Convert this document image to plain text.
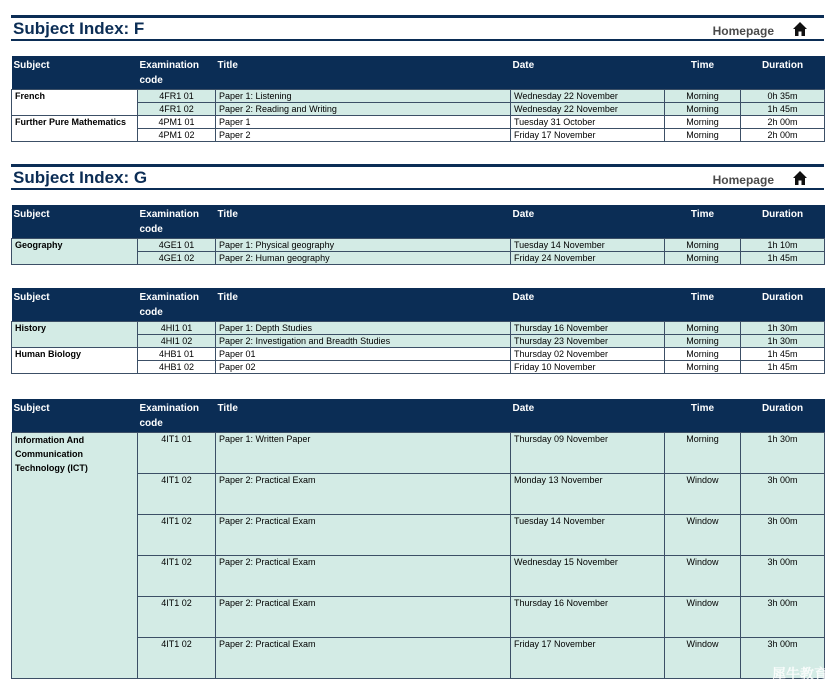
Subject Index: F	Homepage
Subject	Examination code	Title	Date	Time	Duration
French	4FR1 01	Paper 1: Listening	Wednesday 22 November	Morning	0h 35m
	4FR1 02	Paper 2: Reading and Writing	Wednesday 22 November	Morning	1h 45m
Further Pure Mathematics	4PM1 01	Paper 1	Tuesday 31 October	Morning	2h 00m
	4PM1 02	Paper 2	Friday 17 November	Morning	2h 00m
Subject Index: G	Homepage
Subject	Examination code	Title	Date	Time	Duration
Geography	4GE1 01	Paper 1: Physical geography	Tuesday 14 November	Morning	1h 10m
	4GE1 02	Paper 2: Human geography	Friday 24 November	Morning	1h 45m
Subject	Examination code	Title	Date	Time	Duration
History	4HI1 01	Paper 1: Depth Studies	Thursday 16 November	Morning	1h 30m
	4HI1 02	Paper 2: Investigation and Breadth Studies	Thursday 23 November	Morning	1h 30m
Human Biology	4HB1 01	Paper 01	Thursday 02 November	Morning	1h 45m
	4HB1 02	Paper 02	Friday 10 November	Morning	1h 45m
Subject	Examination code	Title	Date	Time	Duration
Information And Communication Technology (ICT)	4IT1 01	Paper 1: Written Paper	Thursday 09 November	Morning	1h 30m
	4IT1 02	Paper 2: Practical Exam	Monday 13 November	Window	3h 00m
	4IT1 02	Paper 2: Practical Exam	Tuesday 14 November	Window	3h 00m
	4IT1 02	Paper 2: Practical Exam	Wednesday 15 November	Window	3h 00m
	4IT1 02	Paper 2: Practical Exam	Thursday 16 November	Window	3h 00m
	4IT1 02	Paper 2: Practical Exam	Friday 17 November	Window	3h 00m
犀牛教育
